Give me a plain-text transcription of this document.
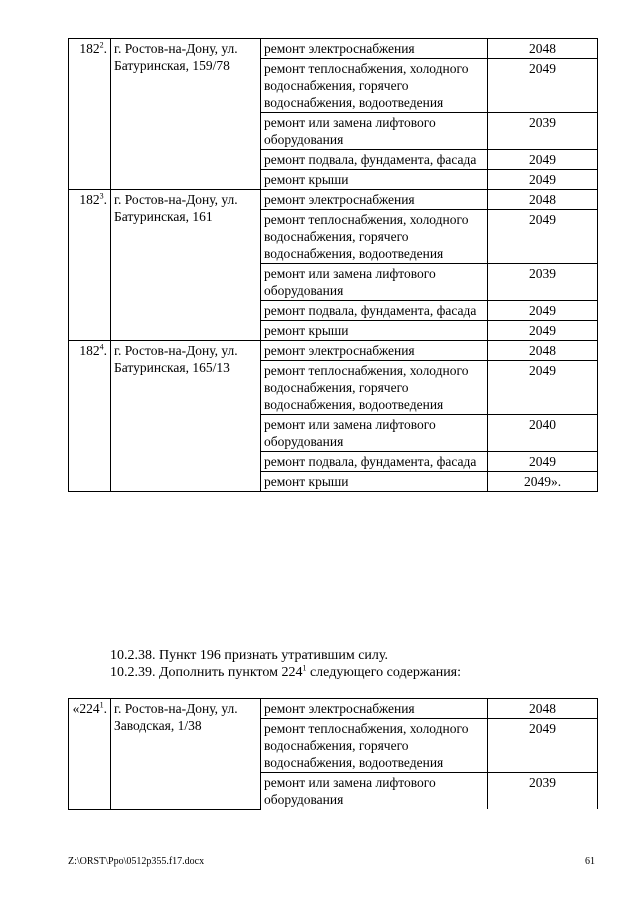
$182^2$.	г. Ростов-на-Дону, ул. Батуринская, 159/78	ремонт электроснабжения	2048
		ремонт теплоснабжения, холодного водоснабжения, горячего водоснабжения, водоотведения	2049
		ремонт или замена лифтового оборудования	2039
		ремонт подвала, фундамента, фасада	2049
		ремонт крыши	2049
$182^3$.	г. Ростов-на-Дону, ул. Батуринская, 161	ремонт электроснабжения	2048
		ремонт теплоснабжения, холодного водоснабжения, горячего водоснабжения, водоотведения	2049
		ремонт или замена лифтового оборудования	2039
		ремонт подвала, фундамента, фасада	2049
		ремонт крыши	2049
$182^4$.	г. Ростов-на-Дону, ул. Батуринская, 165/13	ремонт электроснабжения	2048
		ремонт теплоснабжения, холодного водоснабжения, горячего водоснабжения, водоотведения	2049
		ремонт или замена лифтового оборудования	2040
		ремонт подвала, фундамента, фасада	2049
		ремонт крыши	2049».
10.2.38. Пункт 196 признать утратившим силу.
10.2.39. Дополнить пунктом $224^1$ следующего содержания:
«$224^1$.	г. Ростов-на-Дону, ул. Заводская, 1/38	ремонт электроснабжения	2048
		ремонт теплоснабжения, холодного водоснабжения, горячего водоснабжения, водоотведения	2049
		ремонт или замена лифтового оборудования	2039
Z:\ORST\Ppo\0512p355.f17.docx	61
